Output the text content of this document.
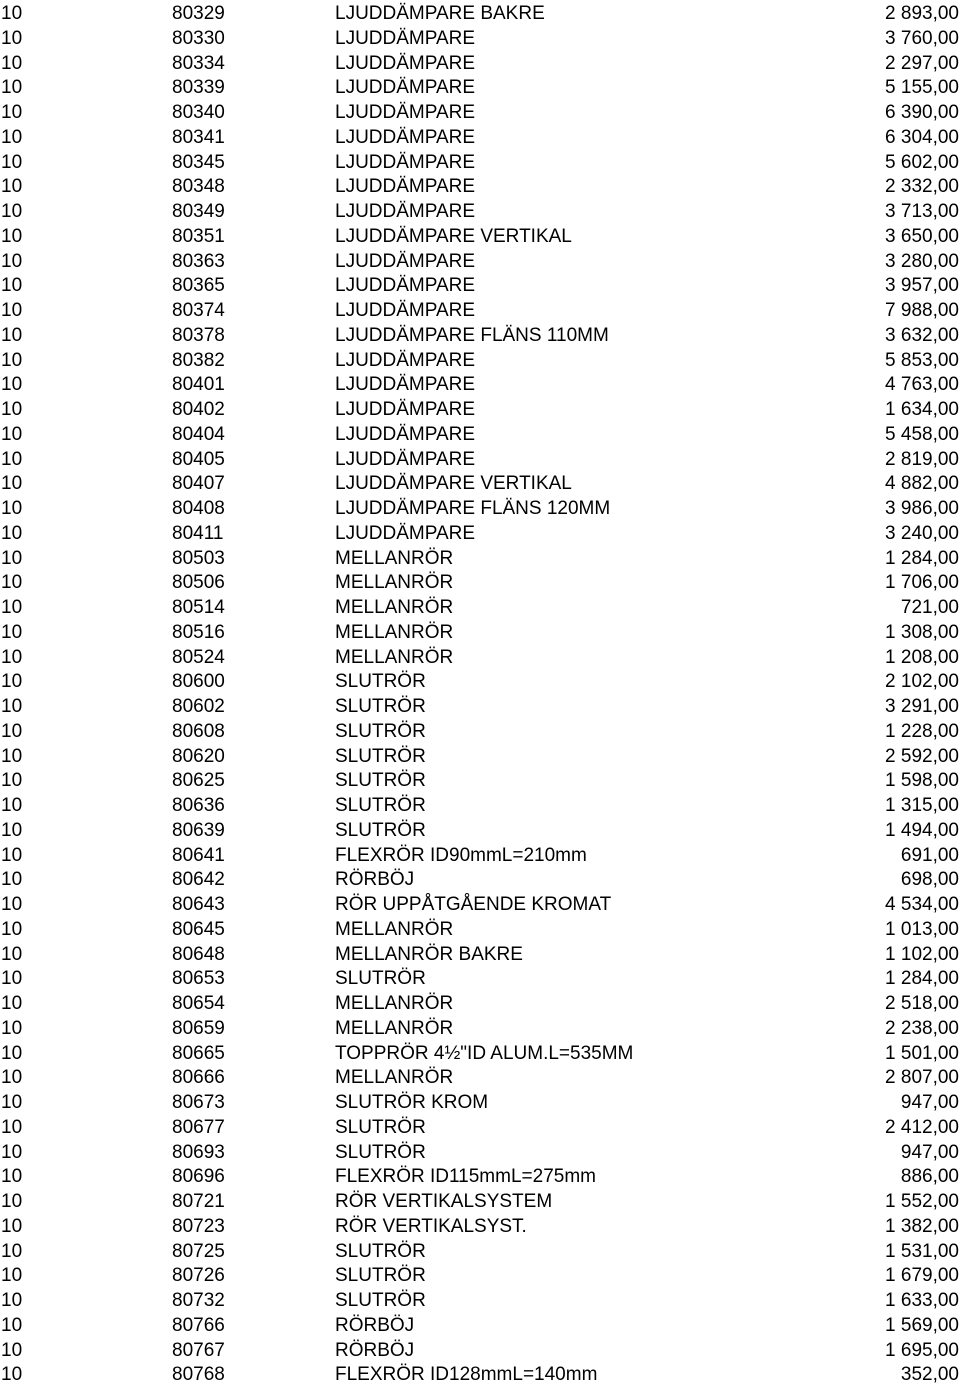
10	80329	LJUDDÄMPARE BAKRE	2 893,00
10	80330	LJUDDÄMPARE	3 760,00
10	80334	LJUDDÄMPARE	2 297,00
10	80339	LJUDDÄMPARE	5 155,00
10	80340	LJUDDÄMPARE	6 390,00
10	80341	LJUDDÄMPARE	6 304,00
10	80345	LJUDDÄMPARE	5 602,00
10	80348	LJUDDÄMPARE	2 332,00
10	80349	LJUDDÄMPARE	3 713,00
10	80351	LJUDDÄMPARE VERTIKAL	3 650,00
10	80363	LJUDDÄMPARE	3 280,00
10	80365	LJUDDÄMPARE	3 957,00
10	80374	LJUDDÄMPARE	7 988,00
10	80378	LJUDDÄMPARE FLÄNS 110MM	3 632,00
10	80382	LJUDDÄMPARE	5 853,00
10	80401	LJUDDÄMPARE	4 763,00
10	80402	LJUDDÄMPARE	1 634,00
10	80404	LJUDDÄMPARE	5 458,00
10	80405	LJUDDÄMPARE	2 819,00
10	80407	LJUDDÄMPARE VERTIKAL	4 882,00
10	80408	LJUDDÄMPARE FLÄNS 120MM	3 986,00
10	80411	LJUDDÄMPARE	3 240,00
10	80503	MELLANRÖR	1 284,00
10	80506	MELLANRÖR	1 706,00
10	80514	MELLANRÖR	721,00
10	80516	MELLANRÖR	1 308,00
10	80524	MELLANRÖR	1 208,00
10	80600	SLUTRÖR	2 102,00
10	80602	SLUTRÖR	3 291,00
10	80608	SLUTRÖR	1 228,00
10	80620	SLUTRÖR	2 592,00
10	80625	SLUTRÖR	1 598,00
10	80636	SLUTRÖR	1 315,00
10	80639	SLUTRÖR	1 494,00
10	80641	FLEXRÖR ID90mmL=210mm	691,00
10	80642	RÖRBÖJ	698,00
10	80643	RÖR UPPÅTGÅENDE KROMAT	4 534,00
10	80645	MELLANRÖR	1 013,00
10	80648	MELLANRÖR BAKRE	1 102,00
10	80653	SLUTRÖR	1 284,00
10	80654	MELLANRÖR	2 518,00
10	80659	MELLANRÖR	2 238,00
10	80665	TOPPRÖR 4½"ID ALUM.L=535MM	1 501,00
10	80666	MELLANRÖR	2 807,00
10	80673	SLUTRÖR KROM	947,00
10	80677	SLUTRÖR	2 412,00
10	80693	SLUTRÖR	947,00
10	80696	FLEXRÖR ID115mmL=275mm	886,00
10	80721	RÖR VERTIKALSYSTEM	1 552,00
10	80723	RÖR VERTIKALSYST.	1 382,00
10	80725	SLUTRÖR	1 531,00
10	80726	SLUTRÖR	1 679,00
10	80732	SLUTRÖR	1 633,00
10	80766	RÖRBÖJ	1 569,00
10	80767	RÖRBÖJ	1 695,00
10	80768	FLEXRÖR ID128mmL=140mm	352,00
